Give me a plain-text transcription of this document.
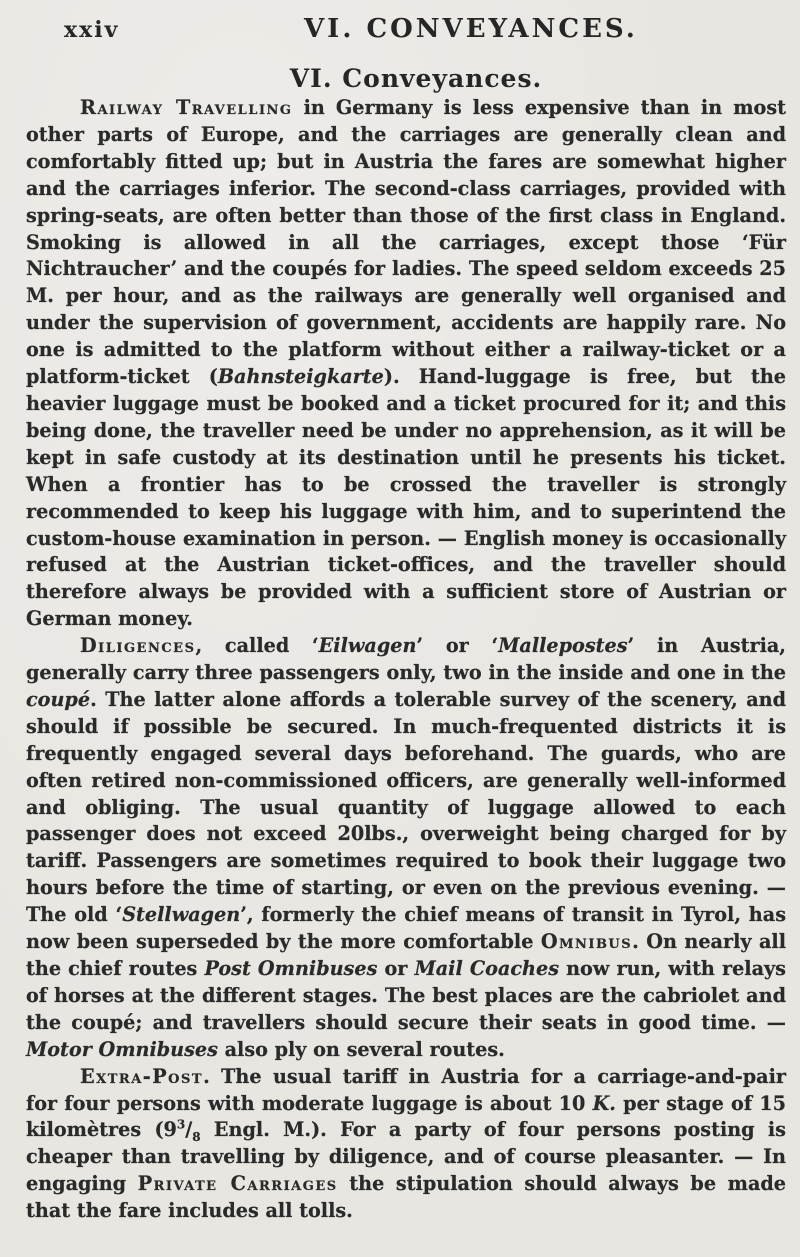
xxiv	VI. CONVEYANCES.
VI. Conveyances.

Railway Travelling in Germany is less expensive than in most other parts of Europe, and the carriages are generally clean and comfortably fitted up; but in Austria the fares are somewhat higher and the carriages inferior. The second-class carriages, provided with spring-seats, are often better than those of the first class in England. Smoking is allowed in all the carriages, except those ‘Für Nichtraucher’ and the coupés for ladies. The speed seldom exceeds 25 M. per hour, and as the railways are generally well organised and under the supervision of government, accidents are happily rare. No one is admitted to the platform without either a railway-ticket or a platform-ticket (Bahnsteigkarte). Hand-luggage is free, but the heavier luggage must be booked and a ticket procured for it; and this being done, the traveller need be under no apprehension, as it will be kept in safe custody at its destination until he presents his ticket. When a frontier has to be crossed the traveller is strongly recommended to keep his luggage with him, and to superintend the custom-house examination in person. — English money is occasionally refused at the Austrian ticket-offices, and the traveller should therefore always be provided with a sufficient store of Austrian or German money.

Diligences, called ‘Eilwagen’ or ‘Mallepostes’ in Austria, generally carry three passengers only, two in the inside and one in the coupé. The latter alone affords a tolerable survey of the scenery, and should if possible be secured. In much-frequented districts it is frequently engaged several days beforehand. The guards, who are often retired non-commissioned officers, are generally well-informed and obliging. The usual quantity of luggage allowed to each passenger does not exceed 20lbs., overweight being charged for by tariff. Passengers are sometimes required to book their luggage two hours before the time of starting, or even on the previous evening. — The old ‘Stellwagen’, formerly the chief means of transit in Tyrol, has now been superseded by the more comfortable Omnibus. On nearly all the chief routes Post Omnibuses or Mail Coaches now run, with relays of horses at the different stages. The best places are the cabriolet and the coupé; and travellers should secure their seats in good time. — Motor Omnibuses also ply on several routes.

Extra-Post. The usual tariff in Austria for a carriage-and-pair for four persons with moderate luggage is about 10 K. per stage of 15 kilomètres ($9^3/_8$ Engl. M.). For a party of four persons posting is cheaper than travelling by diligence, and of course pleasanter. — In engaging Private Carriages the stipulation should always be made that the fare includes all tolls.
